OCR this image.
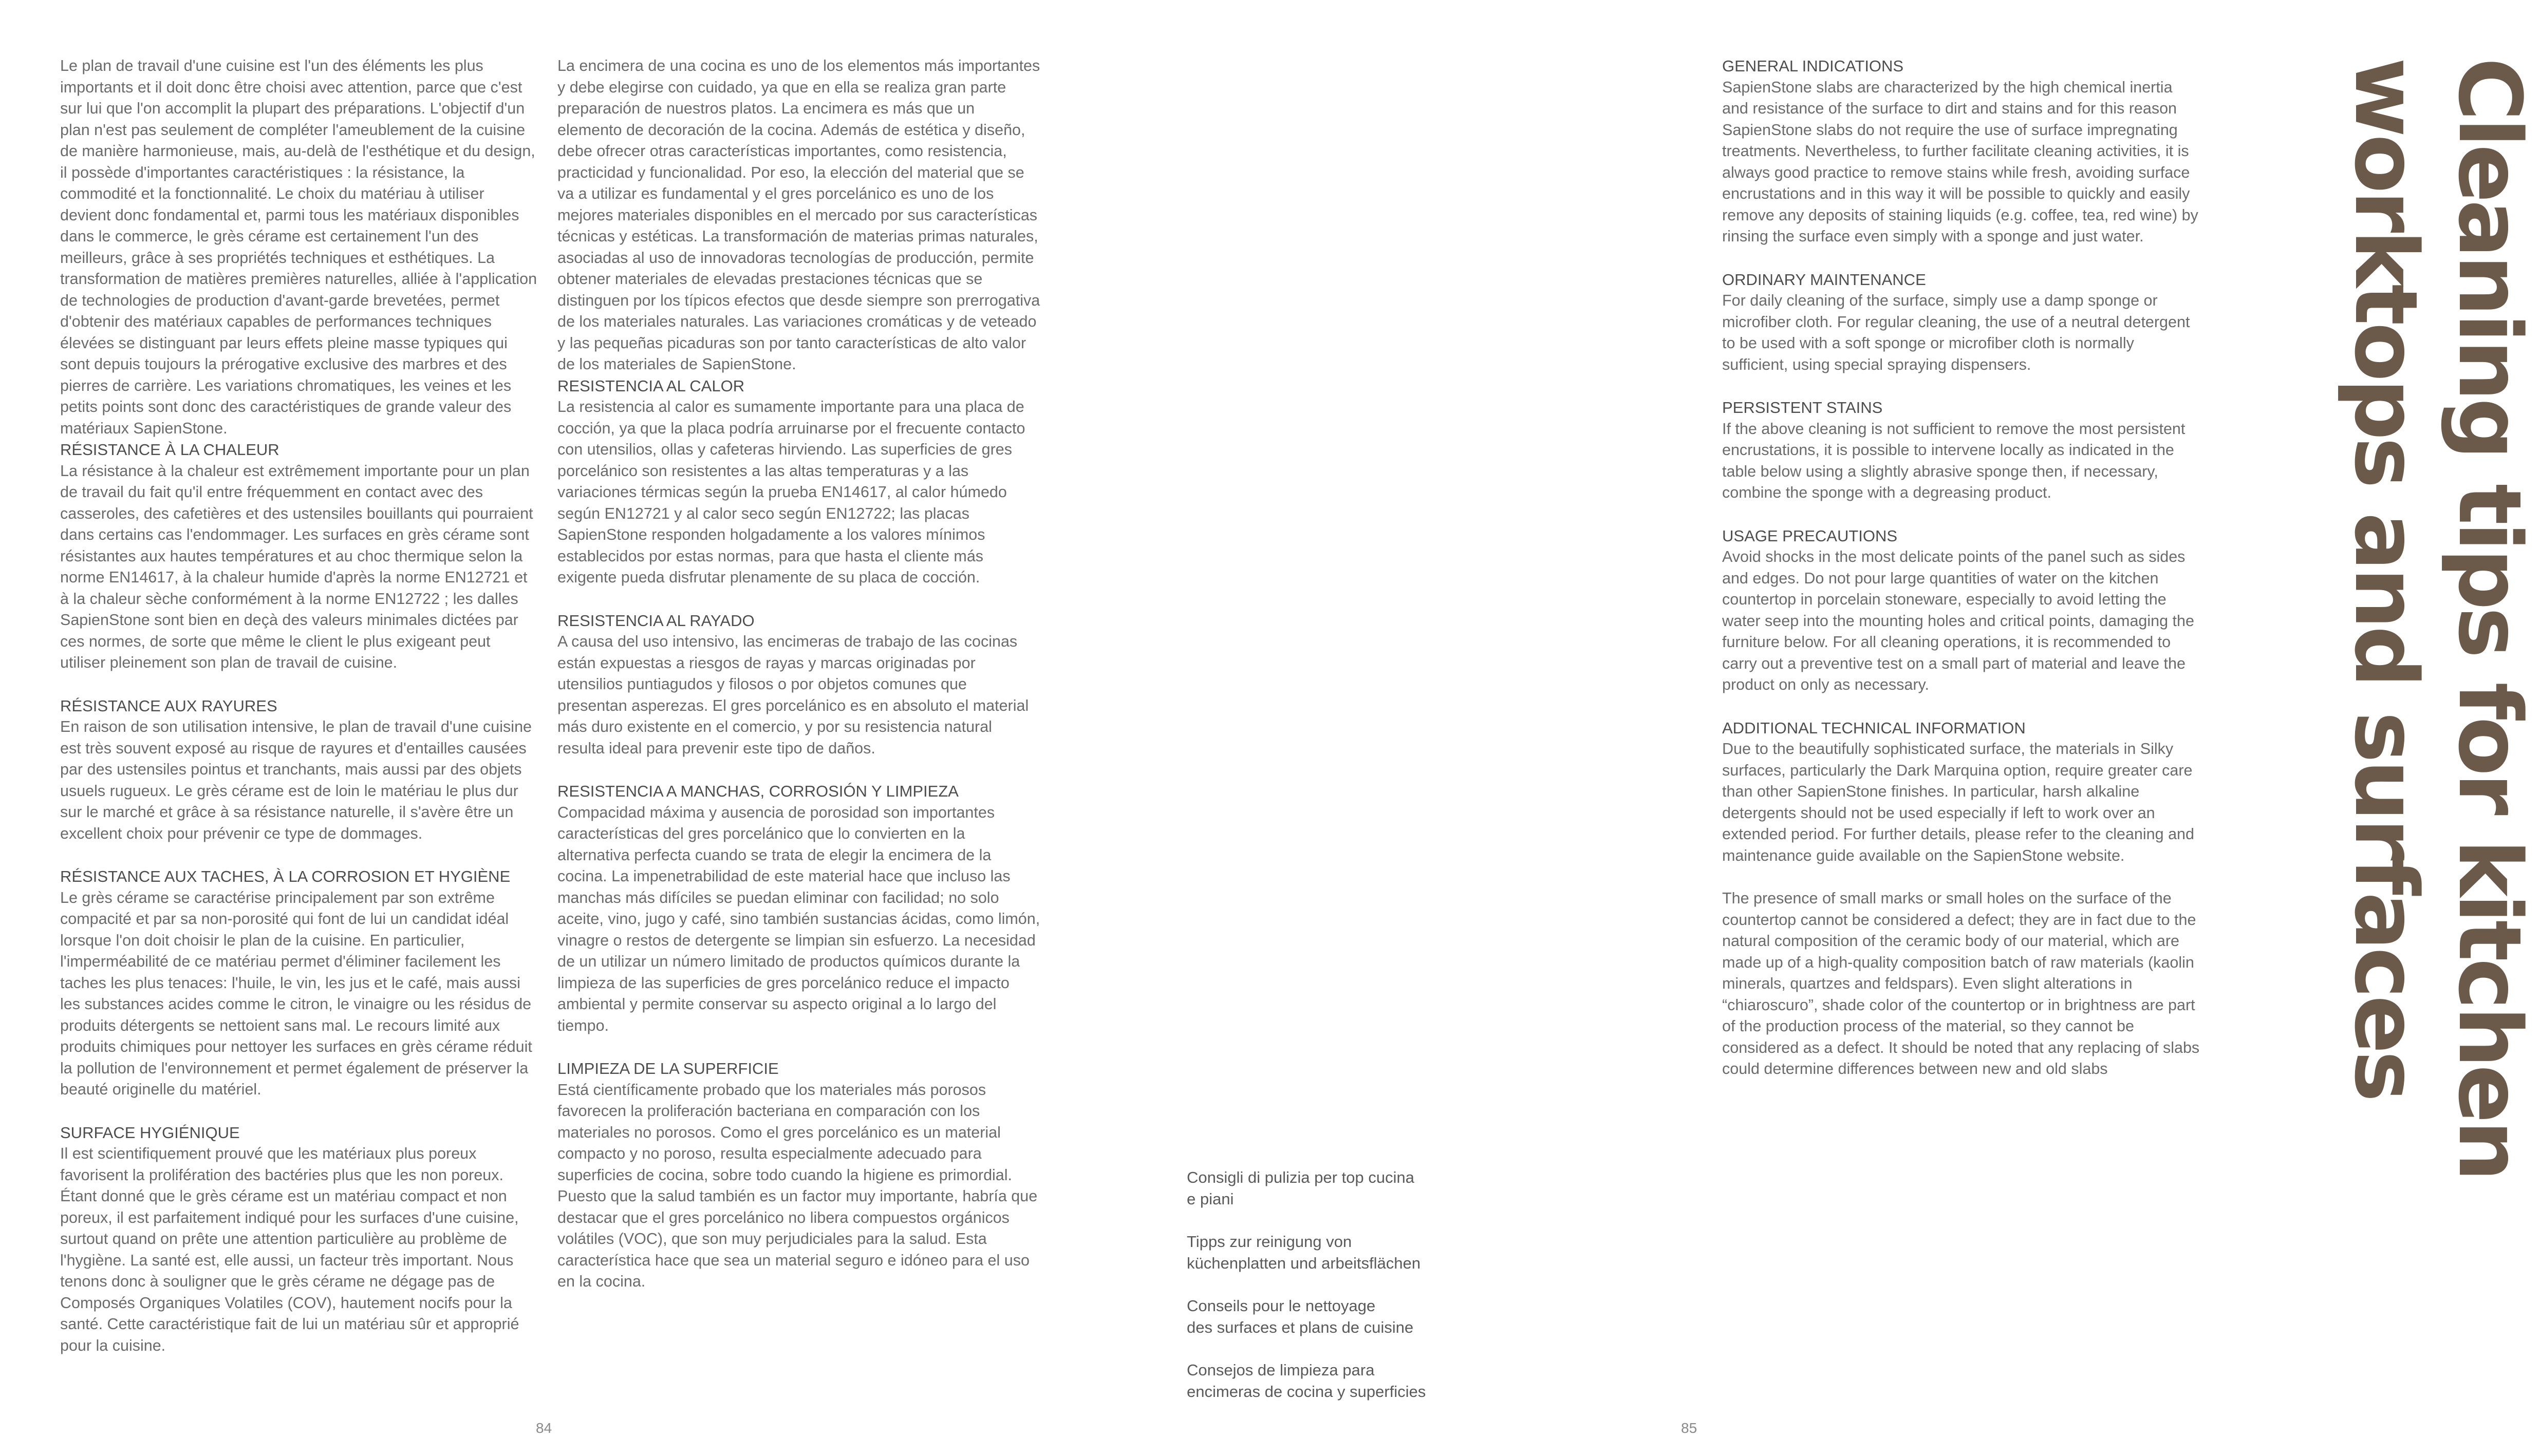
Le plan de travail d'une cuisine est l'un des éléments les plus importants et il doit donc être choisi avec attention, parce que c'est sur lui que l'on accomplit la plupart des préparations. L'objectif d'un plan n'est pas seulement de compléter l'ameublement de la cuisine de manière harmonieuse, mais, au-delà de l'esthétique et du design, il possède d'importantes caractéristiques : la résistance, la commodité et la fonctionnalité. Le choix du matériau à utiliser devient donc fondamental et, parmi tous les matériaux disponibles dans le commerce, le grès cérame est certainement l'un des meilleurs, grâce à ses propriétés techniques et esthétiques. La transformation de matières premières naturelles, alliée à l'application de technologies de production d'avant-garde brevetées, permet d'obtenir des matériaux capables de performances techniques élevées se distinguant par leurs effets pleine masse typiques qui sont depuis toujours la prérogative exclusive des marbres et des pierres de carrière. Les variations chromatiques, les veines et les petits points sont donc des caractéristiques de grande valeur des matériaux SapienStone.

RÉSISTANCE À LA CHALEUR

La résistance à la chaleur est extrêmement importante pour un plan de travail du fait qu'il entre fréquemment en contact avec des casseroles, des cafetières et des ustensiles bouillants qui pourraient dans certains cas l'endommager. Les surfaces en grès cérame sont résistantes aux hautes températures et au choc thermique selon la norme EN14617, à la chaleur humide d'après la norme EN12721 et à la chaleur sèche conformément à la norme EN12722 ; les dalles SapienStone sont bien en deçà des valeurs minimales dictées par ces normes, de sorte que même le client le plus exigeant peut utiliser pleinement son plan de travail de cuisine.

RÉSISTANCE AUX RAYURES

En raison de son utilisation intensive, le plan de travail d'une cuisine est très souvent exposé au risque de rayures et d'entailles causées par des ustensiles pointus et tranchants, mais aussi par des objets usuels rugueux. Le grès cérame est de loin le matériau le plus dur sur le marché et grâce à sa résistance naturelle, il s'avère être un excellent choix pour prévenir ce type de dommages.

RÉSISTANCE AUX TACHES, À LA CORROSION ET HYGIÈNE

Le grès cérame se caractérise principalement par son extrême compacité et par sa non-porosité qui font de lui un candidat idéal lorsque l'on doit choisir le plan de la cuisine. En particulier, l'imperméabilité de ce matériau permet d'éliminer facilement les taches les plus tenaces: l'huile, le vin, les jus et le café, mais aussi les substances acides comme le citron, le vinaigre ou les résidus de produits détergents se nettoient sans mal. Le recours limité aux produits chimiques pour nettoyer les surfaces en grès cérame réduit la pollution de l'environnement et permet également de préserver la beauté originelle du matériel.

SURFACE HYGIÉNIQUE

Il est scientifiquement prouvé que les matériaux plus poreux favorisent la prolifération des bactéries plus que les non poreux. Étant donné que le grès cérame est un matériau compact et non poreux, il est parfaitement indiqué pour les surfaces d'une cuisine, surtout quand on prête une attention particulière au problème de l'hygiène. La santé est, elle aussi, un facteur très important. Nous tenons donc à souligner que le grès cérame ne dégage pas de Composés Organiques Volatiles (COV), hautement nocifs pour la santé. Cette caractéristique fait de lui un matériau sûr et approprié pour la cuisine.

La encimera de una cocina es uno de los elementos más importantes y debe elegirse con cuidado, ya que en ella se realiza gran parte preparación de nuestros platos. La encimera es más que un elemento de decoración de la cocina. Además de estética y diseño, debe ofrecer otras características importantes, como resistencia, practicidad y funcionalidad. Por eso, la elección del material que se va a utilizar es fundamental y el gres porcelánico es uno de los mejores materiales disponibles en el mercado por sus características técnicas y estéticas. La transformación de materias primas naturales, asociadas al uso de innovadoras tecnologías de producción, permite obtener materiales de elevadas prestaciones técnicas que se distinguen por los típicos efectos que desde siempre son prerrogativa de los materiales naturales. Las variaciones cromáticas y de veteado y las pequeñas picaduras son por tanto características de alto valor de los materiales de SapienStone.

RESISTENCIA AL CALOR

La resistencia al calor es sumamente importante para una placa de cocción, ya que la placa podría arruinarse por el frecuente contacto con utensilios, ollas y cafeteras hirviendo. Las superficies de gres porcelánico son resistentes a las altas temperaturas y a las variaciones térmicas según la prueba EN14617, al calor húmedo según EN12721 y al calor seco según EN12722; las placas SapienStone responden holgadamente a los valores mínimos establecidos por estas normas, para que hasta el cliente más exigente pueda disfrutar plenamente de su placa de cocción.

RESISTENCIA AL RAYADO

A causa del uso intensivo, las encimeras de trabajo de las cocinas están expuestas a riesgos de rayas y marcas originadas por utensilios puntiagudos y filosos o por objetos comunes que presentan asperezas. El gres porcelánico es en absoluto el material más duro existente en el comercio, y por su resistencia natural resulta ideal para prevenir este tipo de daños.

RESISTENCIA A MANCHAS, CORROSIÓN Y LIMPIEZA

Compacidad máxima y ausencia de porosidad son importantes características del gres porcelánico que lo convierten en la alternativa perfecta cuando se trata de elegir la encimera de la cocina. La impenetrabilidad de este material hace que incluso las manchas más difíciles se puedan eliminar con facilidad; no solo aceite, vino, jugo y café, sino también sustancias ácidas, como limón, vinagre o restos de detergente se limpian sin esfuerzo. La necesidad de un utilizar un número limitado de productos químicos durante la limpieza de las superficies de gres porcelánico reduce el impacto ambiental y permite conservar su aspecto original a lo largo del tiempo.

LIMPIEZA DE LA SUPERFICIE

Está científicamente probado que los materiales más porosos favorecen la proliferación bacteriana en comparación con los materiales no porosos. Como el gres porcelánico es un material compacto y no poroso, resulta especialmente adecuado para superficies de cocina, sobre todo cuando la higiene es primordial. Puesto que la salud también es un factor muy importante, habría que destacar que el gres porcelánico no libera compuestos orgánicos volátiles (VOC), que son muy perjudiciales para la salud. Esta característica hace que sea un material seguro e idóneo para el uso en la cocina.

Cleaning tips for kitchen
worktops and surfaces

Consigli di pulizia per top cucina
e piani

Tipps zur reinigung von
küchenplatten und arbeitsflächen

Conseils pour le nettoyage
des surfaces et plans de cuisine

Consejos de limpieza para
encimeras de cocina y superficies

GENERAL INDICATIONS

SapienStone slabs are characterized by the high chemical inertia and resistance of the surface to dirt and stains and for this reason SapienStone slabs do not require the use of surface impregnating treatments. Nevertheless, to further facilitate cleaning activities, it is always good practice to remove stains while fresh, avoiding surface encrustations and in this way it will be possible to quickly and easily remove any deposits of staining liquids (e.g. coffee, tea, red wine) by rinsing the surface even simply with a sponge and just water.

ORDINARY MAINTENANCE

For daily cleaning of the surface, simply use a damp sponge or microfiber cloth. For regular cleaning, the use of a neutral detergent to be used with a soft sponge or microfiber cloth is normally sufficient, using special spraying dispensers.

PERSISTENT STAINS

If the above cleaning is not sufficient to remove the most persistent encrustations, it is possible to intervene locally as indicated in the table below using a slightly abrasive sponge then, if necessary, combine the sponge with a degreasing product.

USAGE PRECAUTIONS

Avoid shocks in the most delicate points of the panel such as sides and edges. Do not pour large quantities of water on the kitchen countertop in porcelain stoneware, especially to avoid letting the water seep into the mounting holes and critical points, damaging the furniture below. For all cleaning operations, it is recommended to carry out a preventive test on a small part of material and leave the product on only as necessary.

ADDITIONAL TECHNICAL INFORMATION

Due to the beautifully sophisticated surface, the materials in Silky surfaces, particularly the Dark Marquina option, require greater care than other SapienStone finishes. In particular, harsh alkaline detergents should not be used especially if left to work over an extended period. For further details, please refer to the cleaning and maintenance guide available on the SapienStone website.

The presence of small marks or small holes on the surface of the countertop cannot be considered a defect; they are in fact due to the natural composition of the ceramic body of our material, which are made up of a high-quality composition batch of raw materials (kaolin minerals, quartzes and feldspars). Even slight alterations in “chiaroscuro”, shade color of the countertop or in brightness are part of the production process of the material, so they cannot be considered as a defect. It should be noted that any replacing of slabs could determine differences between new and old slabs

84	85
